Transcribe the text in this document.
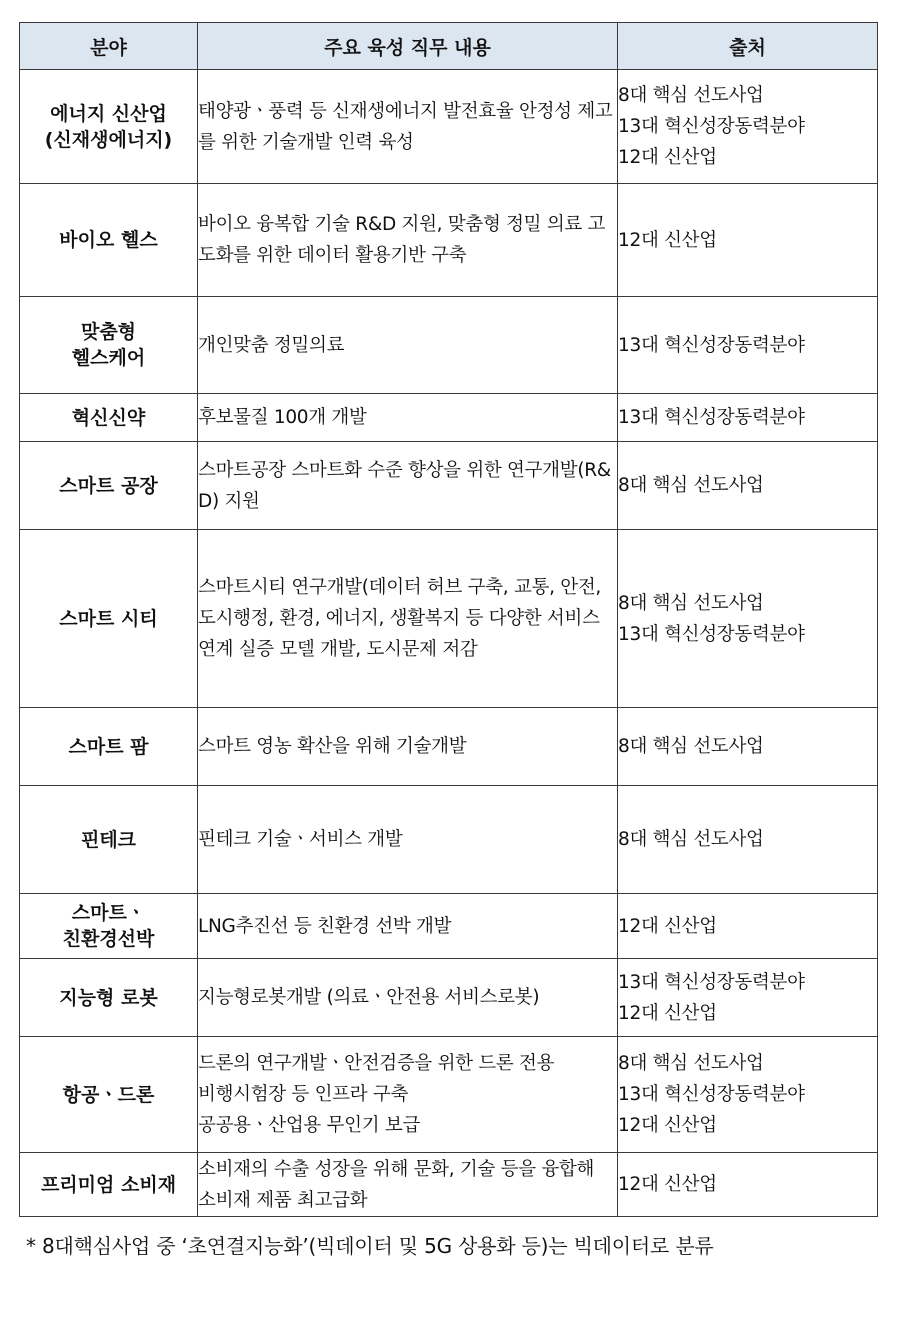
분야	주요 육성 직무 내용	출처

에너지 신산업
(신재생에너지)	태양광ㆍ풍력 등 신재생에너지 발전효율 안정성 제고를 위한 기술개발 인력 육성	8대 핵심 선도사업
13대 혁신성장동력분야
12대 신산업

바이오 헬스	바이오 융복합 기술 R&D 지원, 맞춤형 정밀 의료 고도화를 위한 데이터 활용기반 구축	12대 신산업

맞춤형
헬스케어	개인맞춤 정밀의료	13대 혁신성장동력분야

혁신신약	후보물질 100개 개발	13대 혁신성장동력분야

스마트 공장	스마트공장 스마트화 수준 향상을 위한 연구개발(R&D) 지원	8대 핵심 선도사업

스마트 시티	스마트시티 연구개발(데이터 허브 구축, 교통, 안전, 도시행정, 환경, 에너지, 생활복지 등 다양한 서비스 연계 실증 모델 개발, 도시문제 저감	8대 핵심 선도사업
13대 혁신성장동력분야

스마트 팜	스마트 영농 확산을 위해 기술개발	8대 핵심 선도사업

핀테크	핀테크 기술ㆍ서비스 개발	8대 핵심 선도사업

스마트ㆍ
친환경선박	LNG추진선 등 친환경 선박 개발	12대 신산업

지능형 로봇	지능형로봇개발 (의료ㆍ안전용 서비스로봇)	13대 혁신성장동력분야
12대 신산업

항공ㆍ드론	드론의 연구개발ㆍ안전검증을 위한 드론 전용
비행시험장 등 인프라 구축
공공용ㆍ산업용 무인기 보급	8대 핵심 선도사업
13대 혁신성장동력분야
12대 신산업

프리미엄 소비재	소비재의 수출 성장을 위해 문화, 기술 등을 융합해 소비재 제품 최고급화	12대 신산업
* 8대핵심사업 중 ‘초연결지능화’(빅데이터 및 5G 상용화 등)는 빅데이터로 분류
